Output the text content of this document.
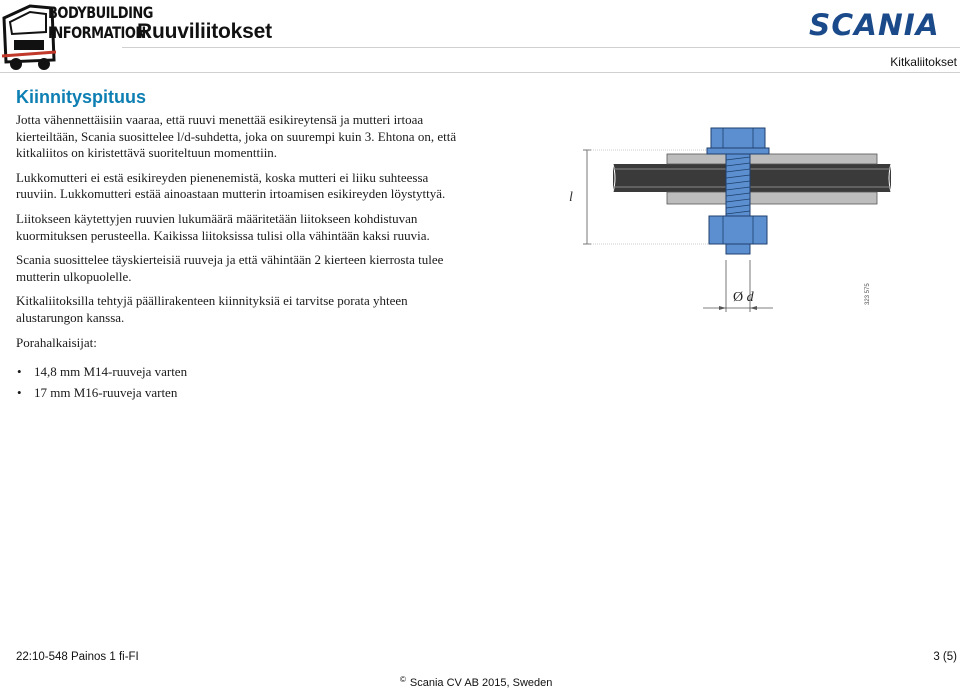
BODYBUILDING
INFORMATION
Ruuviliitokset	SCANIA
Kitkaliitokset
Kiinnityspituus

Jotta vähennettäisiin vaaraa, että ruuvi menettää esikireytensä ja mutteri irtoaa kierteiltään, Scania suosittelee l/d-suhdetta, joka on suurempi kuin 3. Ehtona on, että kitkaliitos on kiristettävä suoriteltuun momenttiin.

Lukkomutteri ei estä esikireyden pienenemistä, koska mutteri ei liiku suhteessa ruuviin. Lukkomutteri estää ainoastaan mutterin irtoamisen esikireyden löystyttyä.

Liitokseen käytettyjen ruuvien lukumäärä määritetään liitokseen kohdistuvan kuormituksen perusteella. Kaikissa liitoksissa tulisi olla vähintään kaksi ruuvia.

Scania suosittelee täyskierteisiä ruuveja ja että vähintään 2 kierteen kierrosta tulee mutterin ulkopuolelle.

Kitkaliitoksilla tehtyjä päällirakenteen kiinnityksiä ei tarvitse porata yhteen alustarungon kanssa.

Porahalkaisijat:

• 14,8 mm M14-ruuveja varten
• 17 mm M16-ruuveja varten
l
Ø d	323 575
22:10-548 Painos 1 fi-FI	3 (5)
© Scania CV AB 2015, Sweden
